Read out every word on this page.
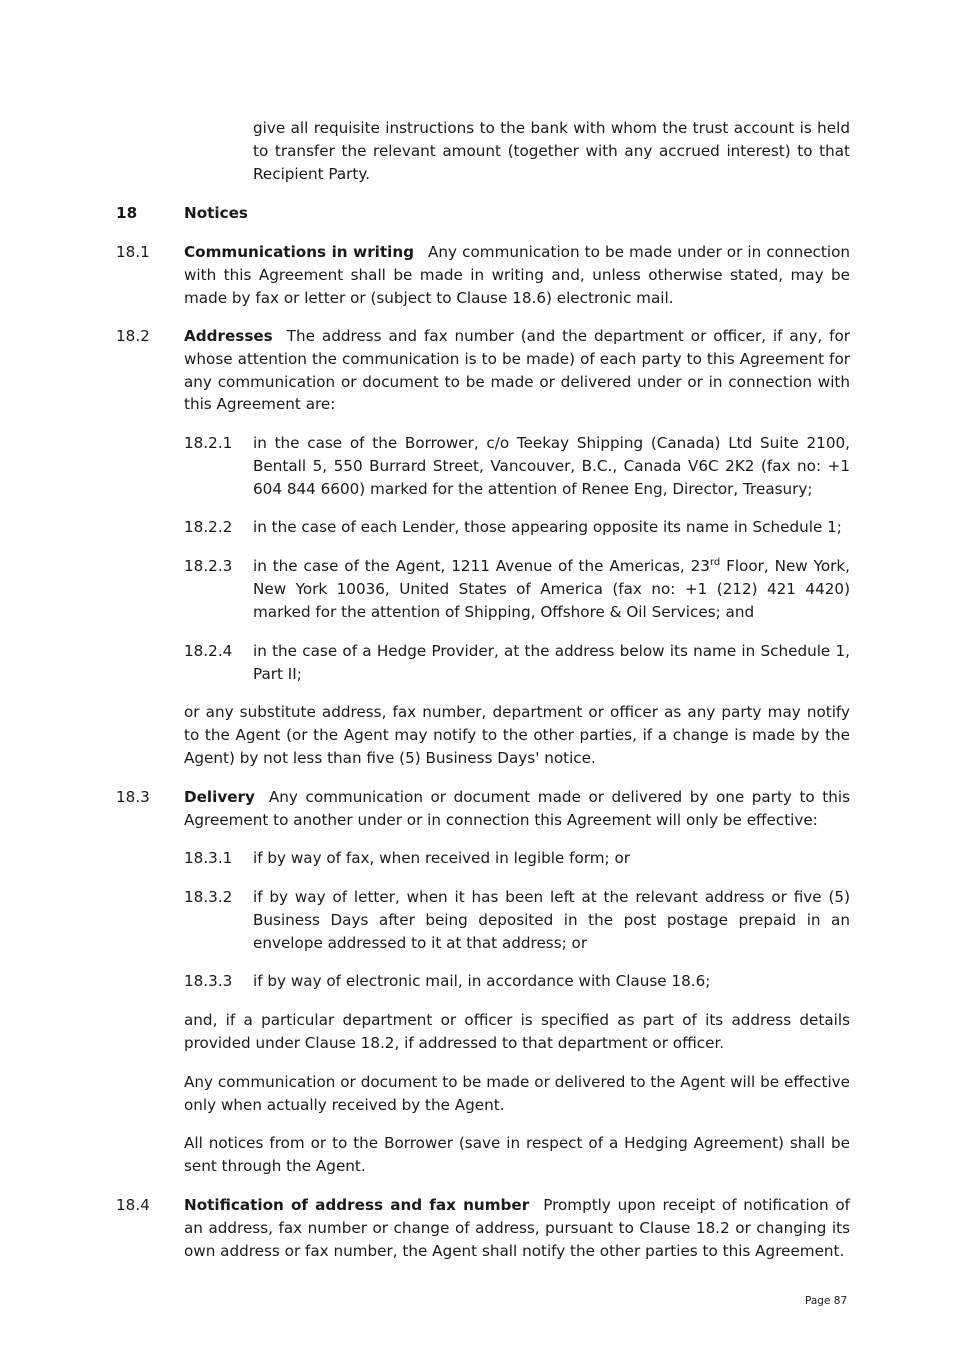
give all requisite instructions to the bank with whom the trust account is held to transfer the relevant amount (together with any accrued interest) to that Recipient Party.

18	Notices
18.1 Communications in writing Any communication to be made under or in connection with this Agreement shall be made in writing and, unless otherwise stated, may be made by fax or letter or (subject to Clause 18.6) electronic mail.

18.2 Addresses The address and fax number (and the department or officer, if any, for whose attention the communication is to be made) of each party to this Agreement for any communication or document to be made or delivered under or in connection with this Agreement are:

18.2.1 in the case of the Borrower, c/o Teekay Shipping (Canada) Ltd Suite 2100, Bentall 5, 550 Burrard Street, Vancouver, B.C., Canada V6C 2K2 (fax no: +1 604 844 6600) marked for the attention of Renee Eng, Director, Treasury;

18.2.2 in the case of each Lender, those appearing opposite its name in Schedule 1;

18.2.3 in the case of the Agent, 1211 Avenue of the Americas, 23rd Floor, New York, New York 10036, United States of America (fax no: +1 (212) 421 4420) marked for the attention of Shipping, Offshore & Oil Services; and

18.2.4 in the case of a Hedge Provider, at the address below its name in Schedule 1, Part II;

or any substitute address, fax number, department or officer as any party may notify to the Agent (or the Agent may notify to the other parties, if a change is made by the Agent) by not less than five (5) Business Days' notice.

18.3 Delivery Any communication or document made or delivered by one party to this Agreement to another under or in connection this Agreement will only be effective:

18.3.1 if by way of fax, when received in legible form; or

18.3.2 if by way of letter, when it has been left at the relevant address or five (5) Business Days after being deposited in the post postage prepaid in an envelope addressed to it at that address; or

18.3.3 if by way of electronic mail, in accordance with Clause 18.6;

and, if a particular department or officer is specified as part of its address details provided under Clause 18.2, if addressed to that department or officer.

Any communication or document to be made or delivered to the Agent will be effective only when actually received by the Agent.

All notices from or to the Borrower (save in respect of a Hedging Agreement) shall be sent through the Agent.

18.4 Notification of address and fax number Promptly upon receipt of notification of an address, fax number or change of address, pursuant to Clause 18.2 or changing its own address or fax number, the Agent shall notify the other parties to this Agreement.

Page 87
